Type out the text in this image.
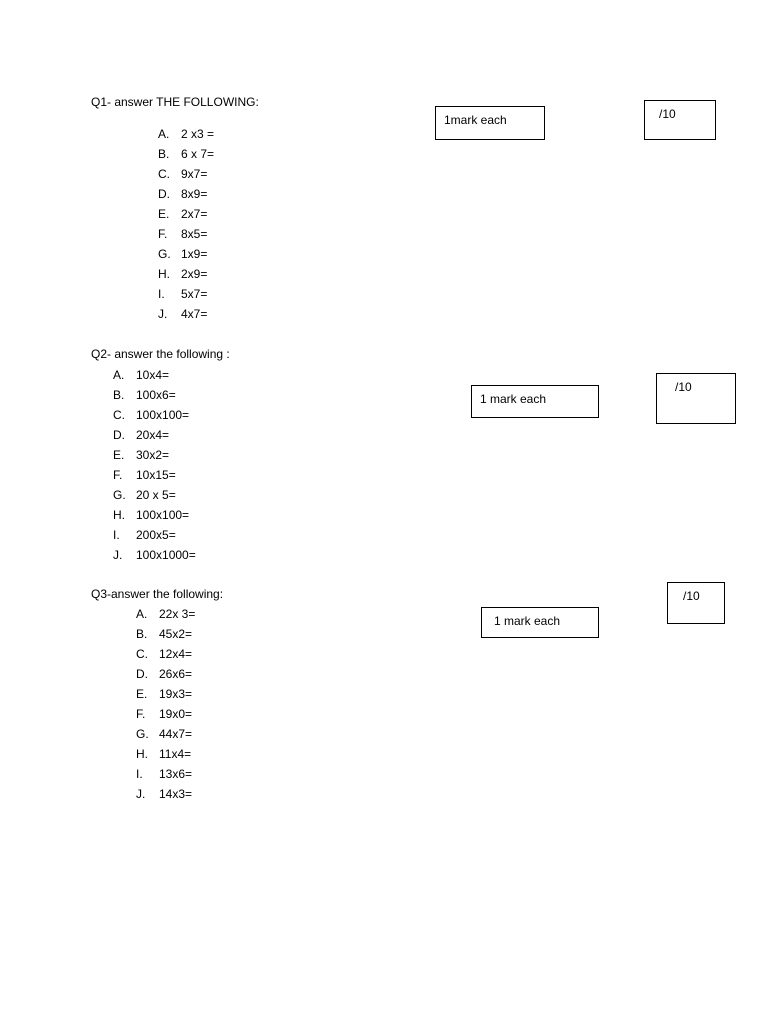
Q1- answer THE FOLLOWING:
1mark each	/10
A. 2 x3 =
B. 6 x 7=
C. 9x7=
D. 8x9=
E. 2x7=
F.	8x5=
G. 1x9=
H. 2x9=
I.	5x7=
J.	4x7=
Q2- answer the following :
1 mark each
/10
A. 10x4=
B. 100x6=
C. 100x100=
D. 20x4=
E. 30x2=
F.	10x15=
G. 20 x 5=
H. 100x100=
I.	200x5=
J.	100x1000=
Q3-answer the following:
1 mark each
/10
A. 22x 3=
B. 45x2=
C. 12x4=
D. 26x6=
E. 19x3=
F.	19x0=
G. 44x7=
H. 11x4=
I.	13x6=
J.	14x3=
